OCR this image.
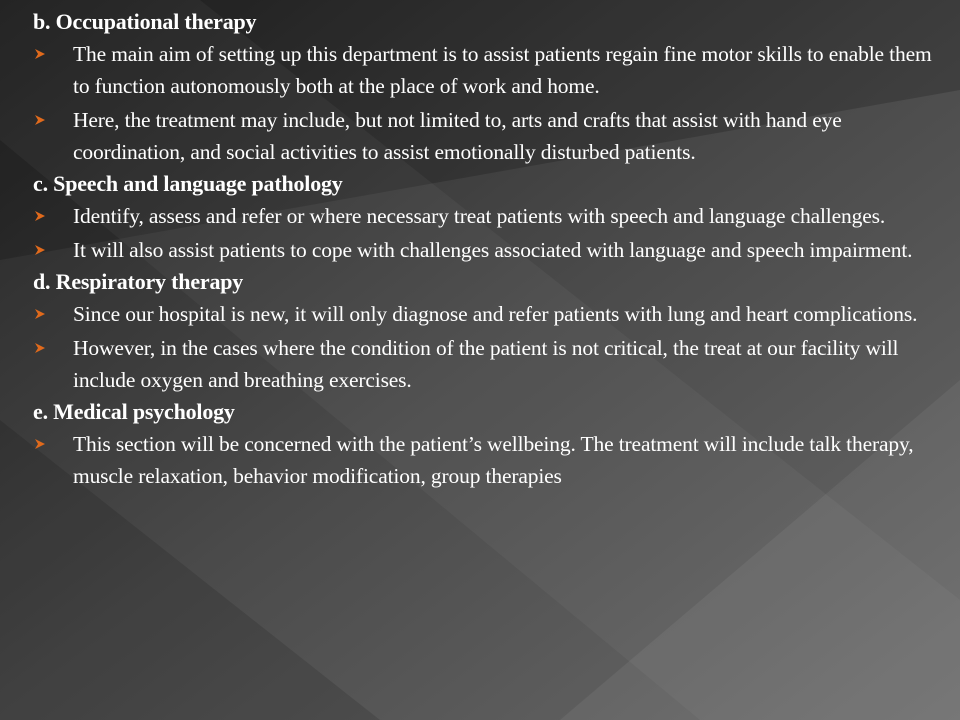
b. Occupational therapy
The main aim of setting up this department is to assist patients regain fine motor skills to enable them to function autonomously both at the place of work and home.
Here, the treatment may include, but not limited to, arts and crafts that assist with hand eye coordination, and social activities to assist emotionally disturbed patients.
c. Speech and language pathology
Identify, assess and refer or where necessary treat patients with speech and language challenges.
It will also assist patients to cope with challenges associated with language and speech impairment.
d. Respiratory therapy
Since our hospital is new, it will only diagnose and refer patients with lung and heart complications.
However, in the cases where the condition of the patient is not critical, the treat at our facility will include oxygen and breathing exercises.
e. Medical psychology
This section will be concerned with the patient’s wellbeing. The treatment will include talk therapy, muscle relaxation, behavior modification, group therapies
